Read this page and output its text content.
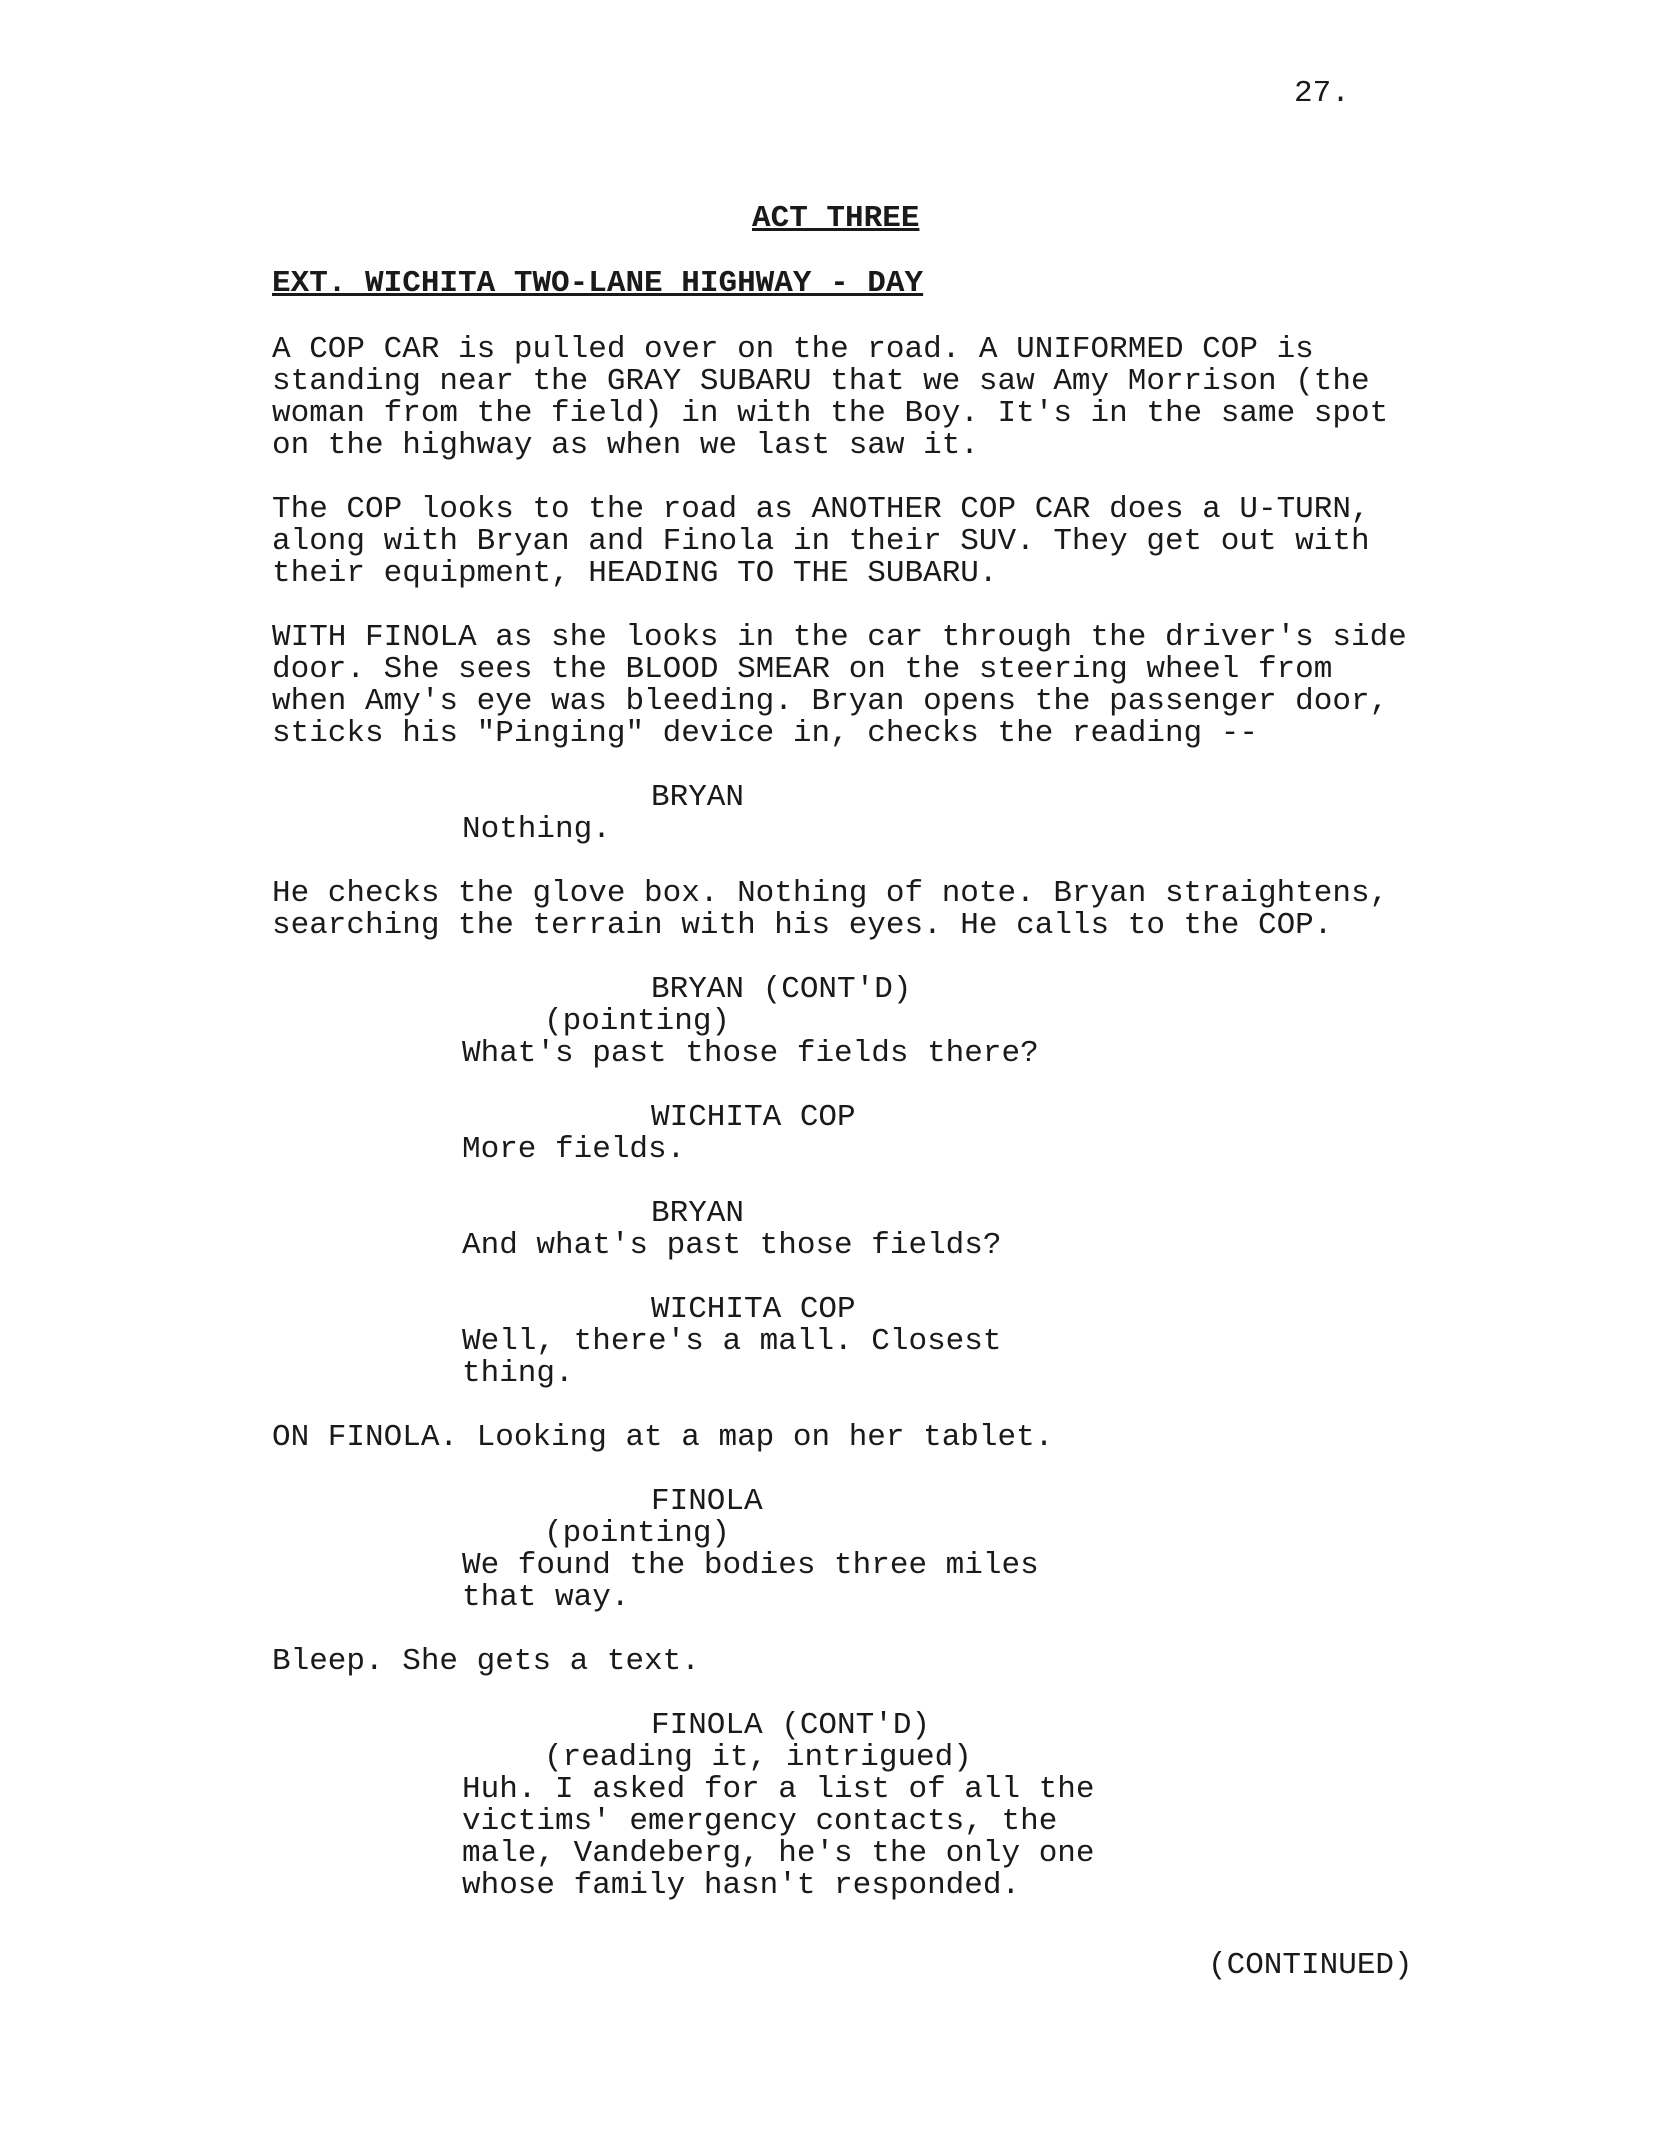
27.

ACT THREE

EXT. WICHITA TWO-LANE HIGHWAY - DAY

A COP CAR is pulled over on the road. A UNIFORMED COP is

standing near the GRAY SUBARU that we saw Amy Morrison (the

woman from the field) in with the Boy. It's in the same spot

on the highway as when we last saw it.

The COP looks to the road as ANOTHER COP CAR does a U-TURN,

along with Bryan and Finola in their SUV. They get out with

their equipment, HEADING TO THE SUBARU.

WITH FINOLA as she looks in the car through the driver's side

door. She sees the BLOOD SMEAR on the steering wheel from

when Amy's eye was bleeding. Bryan opens the passenger door,

sticks his "Pinging" device in, checks the reading --

BRYAN

Nothing.

He checks the glove box. Nothing of note. Bryan straightens,

searching the terrain with his eyes. He calls to the COP.

BRYAN (CONT'D)

(pointing)

What's past those fields there?

WICHITA COP

More fields.

BRYAN

And what's past those fields?

WICHITA COP

Well, there's a mall. Closest

thing.

ON FINOLA. Looking at a map on her tablet.

FINOLA

(pointing)

We found the bodies three miles

that way.

Bleep. She gets a text.

FINOLA (CONT'D)

(reading it, intrigued)

Huh. I asked for a list of all the

victims' emergency contacts, the

male, Vandeberg, he's the only one

whose family hasn't responded.

(CONTINUED)
